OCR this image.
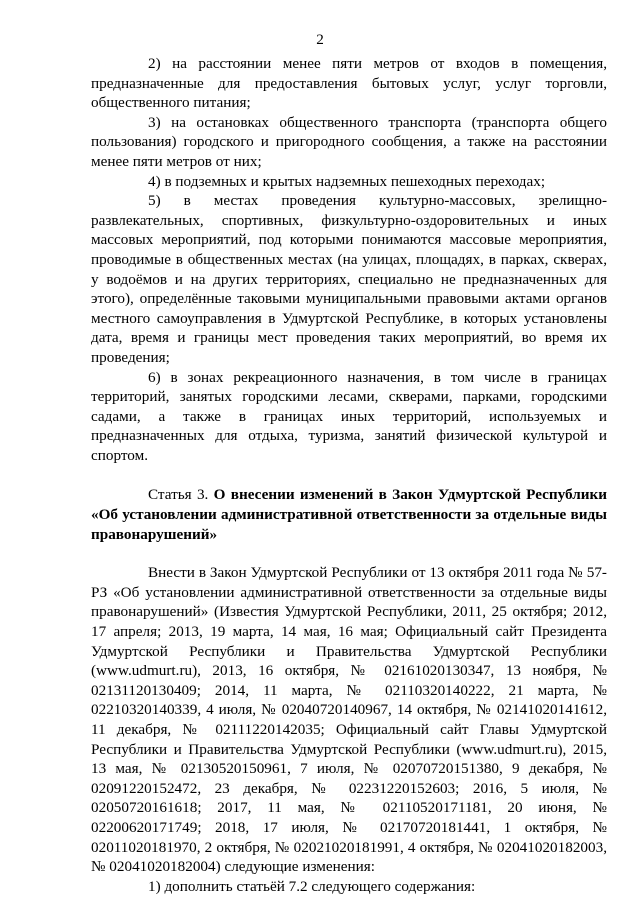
2

2) на расстоянии менее пяти метров от входов в помещения, предназначенные для предоставления бытовых услуг, услуг торговли, общественного питания;

3) на остановках общественного транспорта (транспорта общего пользования) городского и пригородного сообщения, а также на расстоянии менее пяти метров от них;

4) в подземных и крытых надземных пешеходных переходах;

5) в местах проведения культурно-массовых, зрелищно-развлекательных, спортивных, физкультурно-оздоровительных и иных массовых мероприятий, под которыми понимаются массовые мероприятия, проводимые в общественных местах (на улицах, площадях, в парках, скверах, у водоёмов и на других территориях, специально не предназначенных для этого), определённые таковыми муниципальными правовыми актами органов местного самоуправления в Удмуртской Республике, в которых установлены дата, время и границы мест проведения таких мероприятий, во время их проведения;

6) в зонах рекреационного назначения, в том числе в границах территорий, занятых городскими лесами, скверами, парками, городскими садами, а также в границах иных территорий, используемых и предназначенных для отдыха, туризма, занятий физической культурой и спортом.

Статья 3. О внесении изменений в Закон Удмуртской Республики «Об установлении административной ответственности за отдельные виды правонарушений»

Внести в Закон Удмуртской Республики от 13 октября 2011 года № 57-РЗ «Об установлении административной ответственности за отдельные виды правонарушений» (Известия Удмуртской Республики, 2011, 25 октября; 2012, 17 апреля; 2013, 19 марта, 14 мая, 16 мая; Официальный сайт Президента Удмуртской Республики и Правительства Удмуртской Республики (www.udmurt.ru), 2013, 16 октября, № 02161020130347, 13 ноября, № 02131120130409; 2014, 11 марта, № 02110320140222, 21 марта, № 02210320140339, 4 июля, № 02040720140967, 14 октября, № 02141020141612, 11 декабря, № 02111220142035; Официальный сайт Главы Удмуртской Республики и Правительства Удмуртской Республики (www.udmurt.ru), 2015, 13 мая, № 02130520150961, 7 июля, № 02070720151380, 9 декабря, № 02091220152472, 23 декабря, № 02231220152603; 2016, 5 июля, № 02050720161618; 2017, 11 мая, № 02110520171181, 20 июня, № 02200620171749; 2018, 17 июля, № 02170720181441, 1 октября, № 02011020181970, 2 октября, № 02021020181991, 4 октября, № 02041020182003, № 02041020182004) следующие изменения:

1) дополнить статьёй 7.2 следующего содержания:
